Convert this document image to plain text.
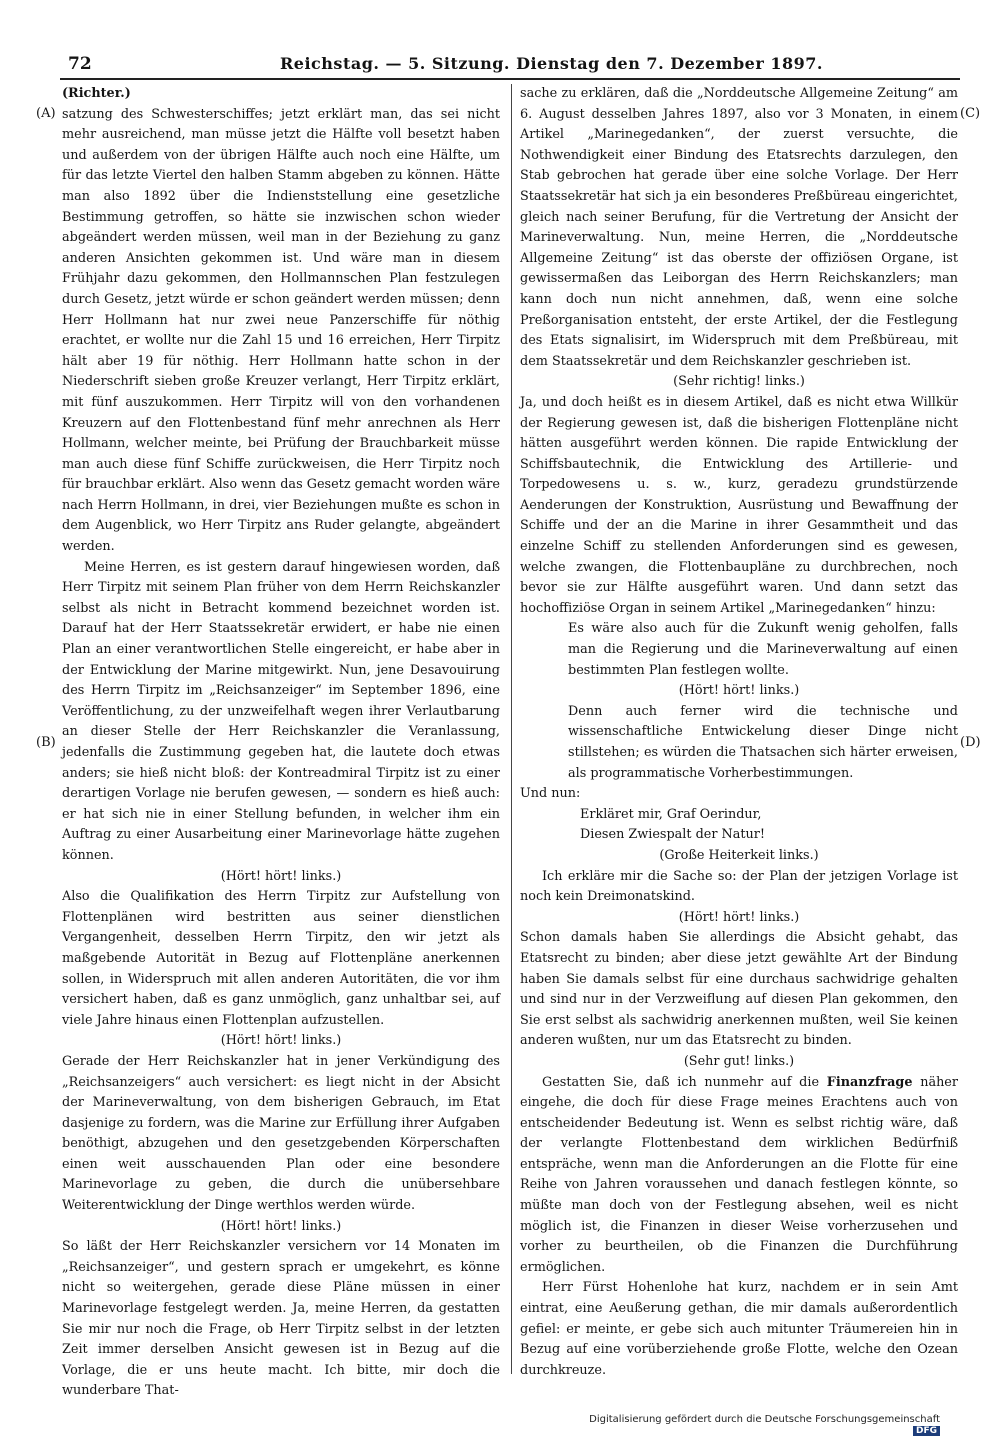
72	Reichstag. — 5. Sitzung. Dienstag den 7. Dezember 1897.
(A)
(B)
(C)
(D)

(Richter.)

satzung des Schwesterschiffes; jetzt erklärt man, das sei nicht mehr ausreichend, man müsse jetzt die Hälfte voll besetzt haben und außerdem von der übrigen Hälfte auch noch eine Hälfte, um für das letzte Viertel den halben Stamm abgeben zu können. Hätte man also 1892 über die Indienststellung eine gesetzliche Bestimmung getroffen, so hätte sie inzwischen schon wieder abgeändert werden müssen, weil man in der Beziehung zu ganz anderen Ansichten gekommen ist. Und wäre man in diesem Frühjahr dazu gekommen, den Hollmannschen Plan festzulegen durch Gesetz, jetzt würde er schon geändert werden müssen; denn Herr Hollmann hat nur zwei neue Panzerschiffe für nöthig erachtet, er wollte nur die Zahl 15 und 16 erreichen, Herr Tirpitz hält aber 19 für nöthig. Herr Hollmann hatte schon in der Niederschrift sieben große Kreuzer verlangt, Herr Tirpitz erklärt, mit fünf auszukommen. Herr Tirpitz will von den vorhandenen Kreuzern auf den Flottenbestand fünf mehr anrechnen als Herr Hollmann, welcher meinte, bei Prüfung der Brauchbarkeit müsse man auch diese fünf Schiffe zurückweisen, die Herr Tirpitz noch für brauchbar erklärt. Also wenn das Gesetz gemacht worden wäre nach Herrn Hollmann, in drei, vier Beziehungen mußte es schon in dem Augenblick, wo Herr Tirpitz ans Ruder gelangte, abgeändert werden.

Meine Herren, es ist gestern darauf hingewiesen worden, daß Herr Tirpitz mit seinem Plan früher von dem Herrn Reichskanzler selbst als nicht in Betracht kommend bezeichnet worden ist. Darauf hat der Herr Staatssekretär erwidert, er habe nie einen Plan an einer verantwortlichen Stelle eingereicht, er habe aber in der Entwicklung der Marine mitgewirkt. Nun, jene Desavouirung des Herrn Tirpitz im „Reichsanzeiger“ im September 1896, eine Veröffentlichung, zu der unzweifelhaft wegen ihrer Verlautbarung an dieser Stelle der Herr Reichskanzler die Veranlassung, jedenfalls die Zustimmung gegeben hat, die lautete doch etwas anders; sie hieß nicht bloß: der Kontreadmiral Tirpitz ist zu einer derartigen Vorlage nie berufen gewesen, — sondern es hieß auch: er hat sich nie in einer Stellung befunden, in welcher ihm ein Auftrag zu einer Ausarbeitung einer Marinevorlage hätte zugehen können.

(Hört! hört! links.)

Also die Qualifikation des Herrn Tirpitz zur Aufstellung von Flottenplänen wird bestritten aus seiner dienstlichen Vergangenheit, desselben Herrn Tirpitz, den wir jetzt als maßgebende Autorität in Bezug auf Flottenpläne anerkennen sollen, in Widerspruch mit allen anderen Autoritäten, die vor ihm versichert haben, daß es ganz unmöglich, ganz unhaltbar sei, auf viele Jahre hinaus einen Flottenplan aufzustellen.

(Hört! hört! links.)

Gerade der Herr Reichskanzler hat in jener Verkündigung des „Reichsanzeigers“ auch versichert: es liegt nicht in der Absicht der Marineverwaltung, von dem bisherigen Gebrauch, im Etat dasjenige zu fordern, was die Marine zur Erfüllung ihrer Aufgaben benöthigt, abzugehen und den gesetzgebenden Körperschaften einen weit ausschauenden Plan oder eine besondere Marinevorlage zu geben, die durch die unübersehbare Weiterentwicklung der Dinge werthlos werden würde.

(Hört! hört! links.)

So läßt der Herr Reichskanzler versichern vor 14 Monaten im „Reichsanzeiger“, und gestern sprach er umgekehrt, es könne nicht so weitergehen, gerade diese Pläne müssen in einer Marinevorlage festgelegt werden. Ja, meine Herren, da gestatten Sie mir nur noch die Frage, ob Herr Tirpitz selbst in der letzten Zeit immer derselben Ansicht gewesen ist in Bezug auf die Vorlage, die er uns heute macht. Ich bitte, mir doch die wunderbare That-

sache zu erklären, daß die „Norddeutsche Allgemeine Zeitung“ am 6. August desselben Jahres 1897, also vor 3 Monaten, in einem Artikel „Marinegedanken“, der zuerst versuchte, die Nothwendigkeit einer Bindung des Etatsrechts darzulegen, den Stab gebrochen hat gerade über eine solche Vorlage. Der Herr Staatssekretär hat sich ja ein besonderes Preßbüreau eingerichtet, gleich nach seiner Berufung, für die Vertretung der Ansicht der Marineverwaltung. Nun, meine Herren, die „Norddeutsche Allgemeine Zeitung“ ist das oberste der offiziösen Organe, ist gewissermaßen das Leiborgan des Herrn Reichskanzlers; man kann doch nun nicht annehmen, daß, wenn eine solche Preßorganisation entsteht, der erste Artikel, der die Festlegung des Etats signalisirt, im Widerspruch mit dem Preßbüreau, mit dem Staatssekretär und dem Reichskanzler geschrieben ist.

(Sehr richtig! links.)

Ja, und doch heißt es in diesem Artikel, daß es nicht etwa Willkür der Regierung gewesen ist, daß die bisherigen Flottenpläne nicht hätten ausgeführt werden können. Die rapide Entwicklung der Schiffsbautechnik, die Entwicklung des Artillerie- und Torpedowesens u. s. w., kurz, geradezu grundstürzende Aenderungen der Konstruktion, Ausrüstung und Bewaffnung der Schiffe und der an die Marine in ihrer Gesammtheit und das einzelne Schiff zu stellenden Anforderungen sind es gewesen, welche zwangen, die Flottenbaupläne zu durchbrechen, noch bevor sie zur Hälfte ausgeführt waren. Und dann setzt das hochoffiziöse Organ in seinem Artikel „Marinegedanken“ hinzu:

Es wäre also auch für die Zukunft wenig geholfen, falls man die Regierung und die Marineverwaltung auf einen bestimmten Plan festlegen wollte.

(Hört! hört! links.)

Denn auch ferner wird die technische und wissenschaftliche Entwickelung dieser Dinge nicht stillstehen; es würden die Thatsachen sich härter erweisen, als programmatische Vorherbestimmungen.

Und nun:

Erkläret mir, Graf Oerindur,

Diesen Zwiespalt der Natur!

(Große Heiterkeit links.)

Ich erkläre mir die Sache so: der Plan der jetzigen Vorlage ist noch kein Dreimonatskind.

(Hört! hört! links.)

Schon damals haben Sie allerdings die Absicht gehabt, das Etatsrecht zu binden; aber diese jetzt gewählte Art der Bindung haben Sie damals selbst für eine durchaus sachwidrige gehalten und sind nur in der Verzweiflung auf diesen Plan gekommen, den Sie erst selbst als sachwidrig anerkennen mußten, weil Sie keinen anderen wußten, nur um das Etatsrecht zu binden.

(Sehr gut! links.)

Gestatten Sie, daß ich nunmehr auf die Finanzfrage näher eingehe, die doch für diese Frage meines Erachtens auch von entscheidender Bedeutung ist. Wenn es selbst richtig wäre, daß der verlangte Flottenbestand dem wirklichen Bedürfniß entspräche, wenn man die Anforderungen an die Flotte für eine Reihe von Jahren voraussehen und danach festlegen könnte, so müßte man doch von der Festlegung absehen, weil es nicht möglich ist, die Finanzen in dieser Weise vorherzusehen und vorher zu beurtheilen, ob die Finanzen die Durchführung ermöglichen.

Herr Fürst Hohenlohe hat kurz, nachdem er in sein Amt eintrat, eine Aeußerung gethan, die mir damals außerordentlich gefiel: er meinte, er gebe sich auch mitunter Träumereien hin in Bezug auf eine vorüberziehende große Flotte, welche den Ozean durchkreuze.

Digitalisierung gefördert durch die Deutsche Forschungsgemeinschaft DFG
